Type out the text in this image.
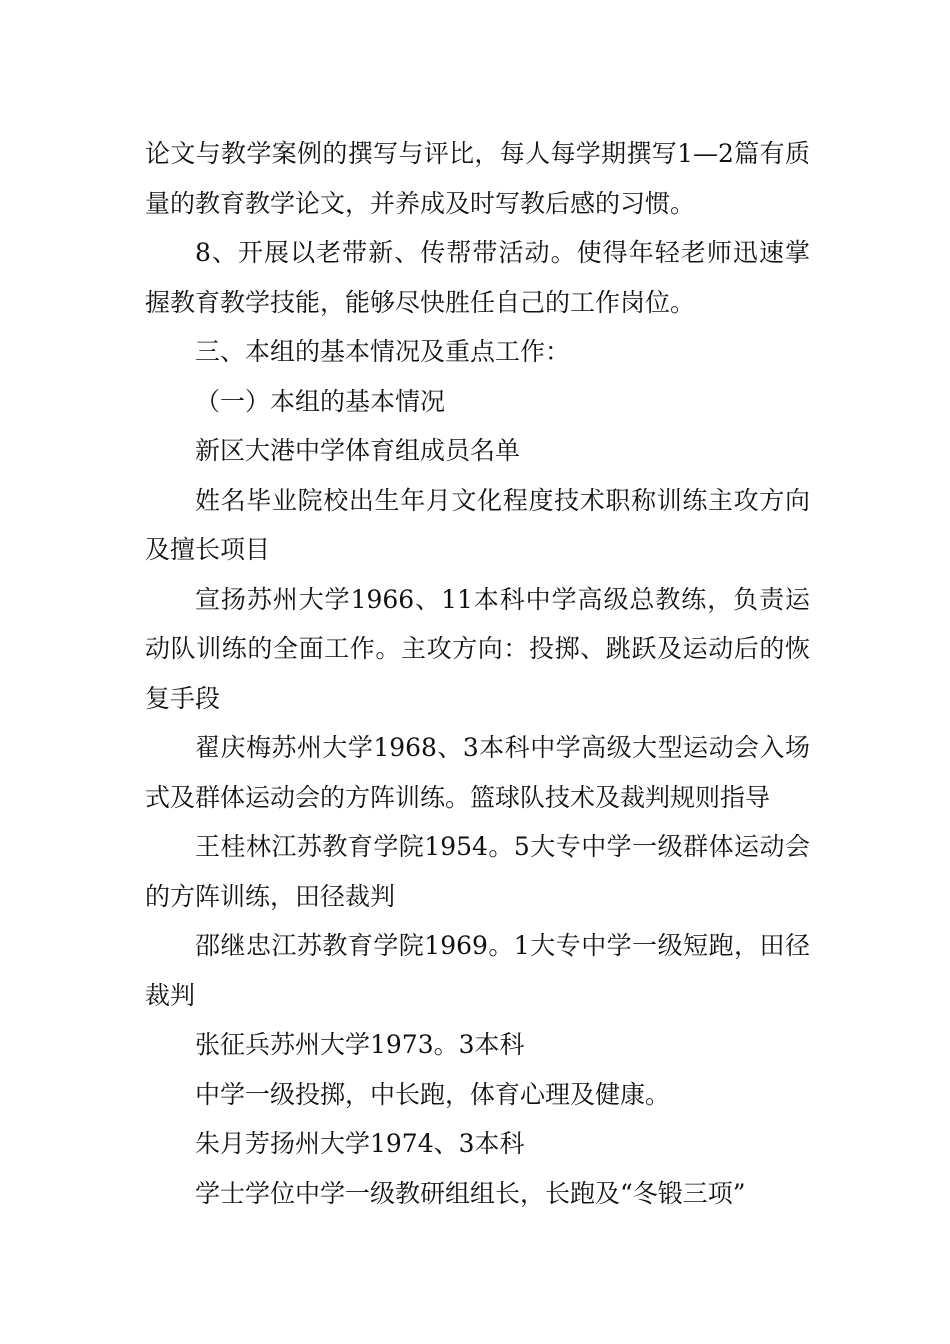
论文与教学案例的撰写与评比，每人每学期撰写1—2篇有质量的教育教学论文，并养成及时写教后感的习惯。

8、开展以老带新、传帮带活动。使得年轻老师迅速掌握教育教学技能，能够尽快胜任自己的工作岗位。

三、本组的基本情况及重点工作：

（一）本组的基本情况

新区大港中学体育组成员名单

姓名毕业院校出生年月文化程度技术职称训练主攻方向及擅长项目

宣扬苏州大学1966、11本科中学高级总教练，负责运动队训练的全面工作。主攻方向：投掷、跳跃及运动后的恢复手段

翟庆梅苏州大学1968、3本科中学高级大型运动会入场式及群体运动会的方阵训练。篮球队技术及裁判规则指导

王桂林江苏教育学院1954。5大专中学一级群体运动会的方阵训练，田径裁判

邵继忠江苏教育学院1969。1大专中学一级短跑，田径裁判

张征兵苏州大学1973。3本科

中学一级投掷，中长跑，体育心理及健康。

朱月芳扬州大学1974、3本科

学士学位中学一级教研组组长，长跑及“冬锻三项”
